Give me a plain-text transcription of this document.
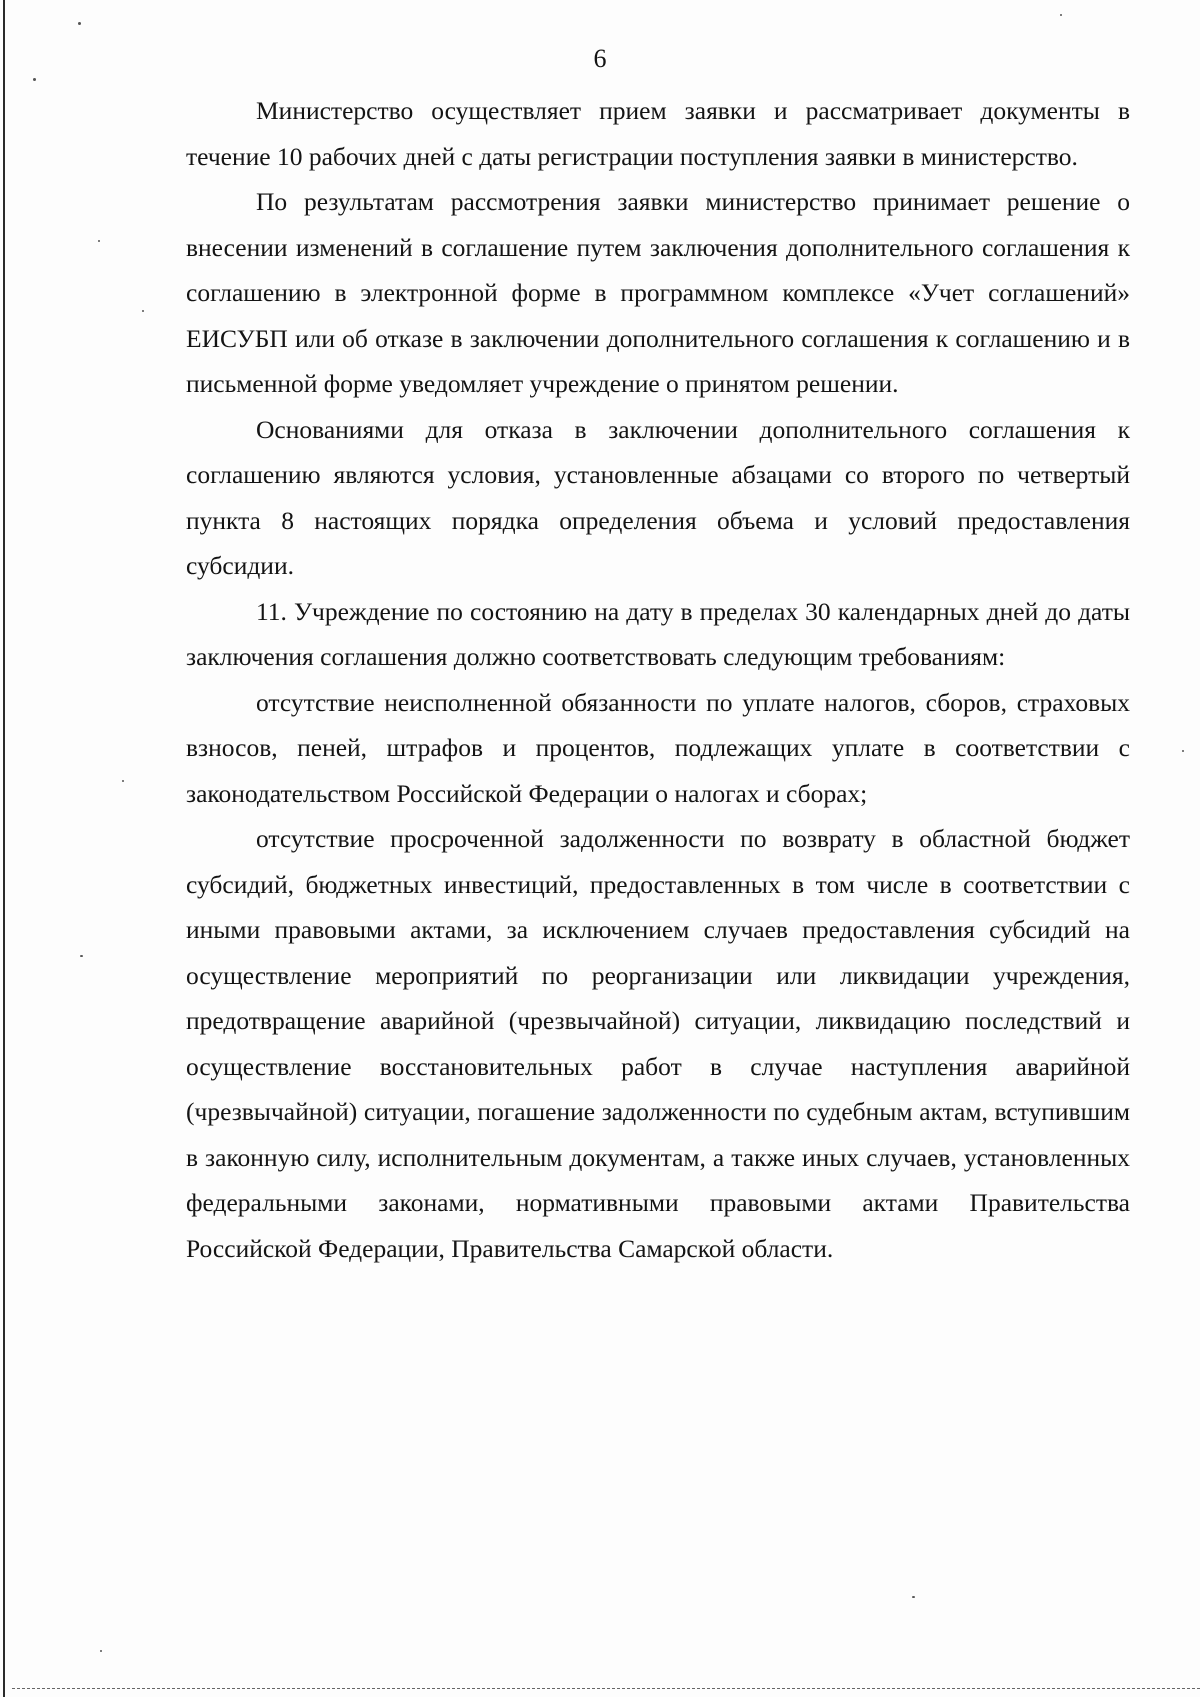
6

Министерство осуществляет прием заявки и рассматривает документы в течение 10 рабочих дней с даты регистрации поступления заявки в министерство.

По результатам рассмотрения заявки министерство принимает решение о внесении изменений в соглашение путем заключения дополнительного соглашения к соглашению в электронной форме в программном комплексе «Учет соглашений» ЕИСУБП или об отказе в заключении дополнительного соглашения к соглашению и в письменной форме уведомляет учреждение о принятом решении.

Основаниями для отказа в заключении дополнительного соглашения к соглашению являются условия, установленные абзацами со второго по четвертый пункта 8 настоящих порядка определения объема и условий предоставления субсидии.

11. Учреждение по состоянию на дату в пределах 30 календарных дней до даты заключения соглашения должно соответствовать следующим требованиям:

отсутствие неисполненной обязанности по уплате налогов, сборов, страховых взносов, пеней, штрафов и процентов, подлежащих уплате в соответствии с законодательством Российской Федерации о налогах и сборах;

отсутствие просроченной задолженности по возврату в областной бюджет субсидий, бюджетных инвестиций, предоставленных в том числе в соответствии с иными правовыми актами, за исключением случаев предоставления субсидий на осуществление мероприятий по реорганизации или ликвидации учреждения, предотвращение аварийной (чрезвычайной) ситуации, ликвидацию последствий и осуществление восстановительных работ в случае наступления аварийной (чрезвычайной) ситуации, погашение задолженности по судебным актам, вступившим в законную силу, исполнительным документам, а также иных случаев, установленных федеральными законами, нормативными правовыми актами Правительства Российской Федерации, Правительства Самарской области.
